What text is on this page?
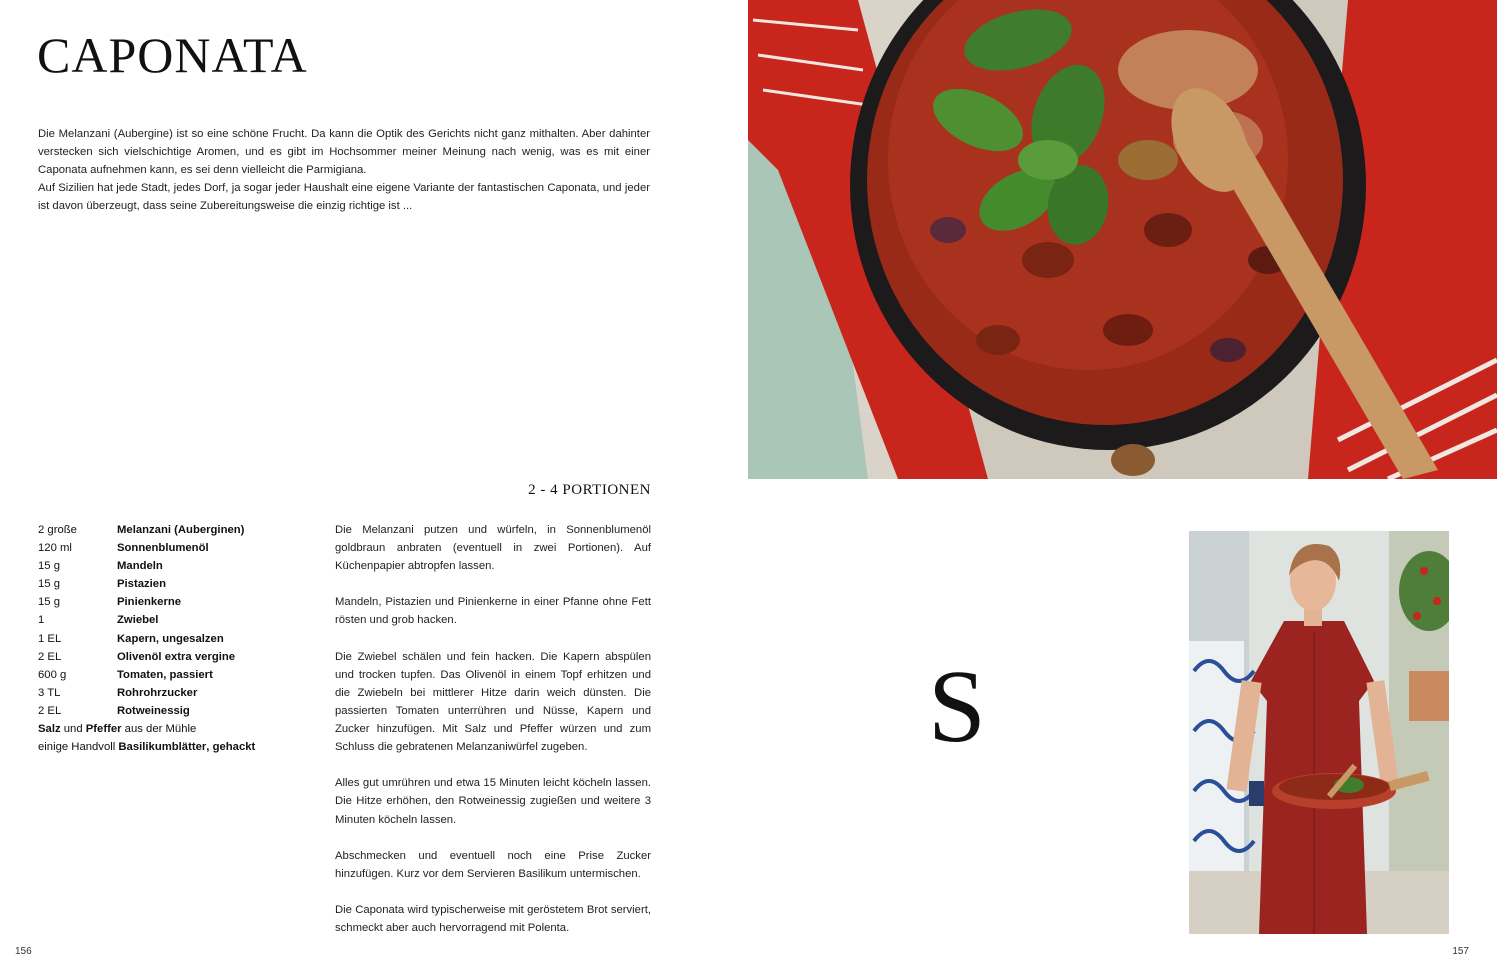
CAPONATA

Die Melanzani (Aubergine) ist so eine schöne Frucht. Da kann die Optik des Gerichts nicht ganz mithalten. Aber dahinter verstecken sich vielschichtige Aromen, und es gibt im Hochsommer meiner Meinung nach wenig, was es mit einer Caponata aufnehmen kann, es sei denn vielleicht die Parmigiana.

Auf Sizilien hat jede Stadt, jedes Dorf, ja sogar jeder Haushalt eine eigene Variante der fantastischen Caponata, und jeder ist davon überzeugt, dass seine Zubereitungsweise die einzig richtige ist ...

2 - 4 PORTIONEN
2 große	Melanzani (Auberginen)
120 ml	Sonnenblumenöl
15 g	Mandeln
15 g	Pistazien
15 g	Pinienkerne
1	Zwiebel
1 EL	Kapern, ungesalzen
2 EL	Olivenöl extra vergine
600 g	Tomaten, passiert
3 TL	Rohrohrzucker
2 EL	Rotweinessig
Salz und Pfeffer aus der Mühle
einige Handvoll Basilikumblätter , gehackt

Die Melanzani putzen und würfeln, in Sonnenblumenöl goldbraun anbraten (eventuell in zwei Portionen). Auf Küchenpapier abtropfen lassen.

Mandeln, Pistazien und Pinienkerne in einer Pfanne ohne Fett rösten und grob hacken.

Die Zwiebel schälen und fein hacken. Die Kapern abspülen und trocken tupfen. Das Olivenöl in einem Topf erhitzen und die Zwiebeln bei mittlerer Hitze darin weich dünsten. Die passierten Tomaten unterrühren und Nüsse, Kapern und Zucker hinzufügen. Mit Salz und Pfeffer würzen und zum Schluss die gebratenen Melanzaniwürfel zugeben.

Alles gut umrühren und etwa 15 Minuten leicht köcheln lassen. Die Hitze erhöhen, den Rotweinessig zugießen und weitere 3 Minuten köcheln lassen.

Abschmecken und eventuell noch eine Prise Zucker hinzufügen. Kurz vor dem Servieren Basilikum untermischen.

Die Caponata wird typischerweise mit geröstetem Brot serviert, schmeckt aber auch hervorragend mit Polenta.

156
S
157
